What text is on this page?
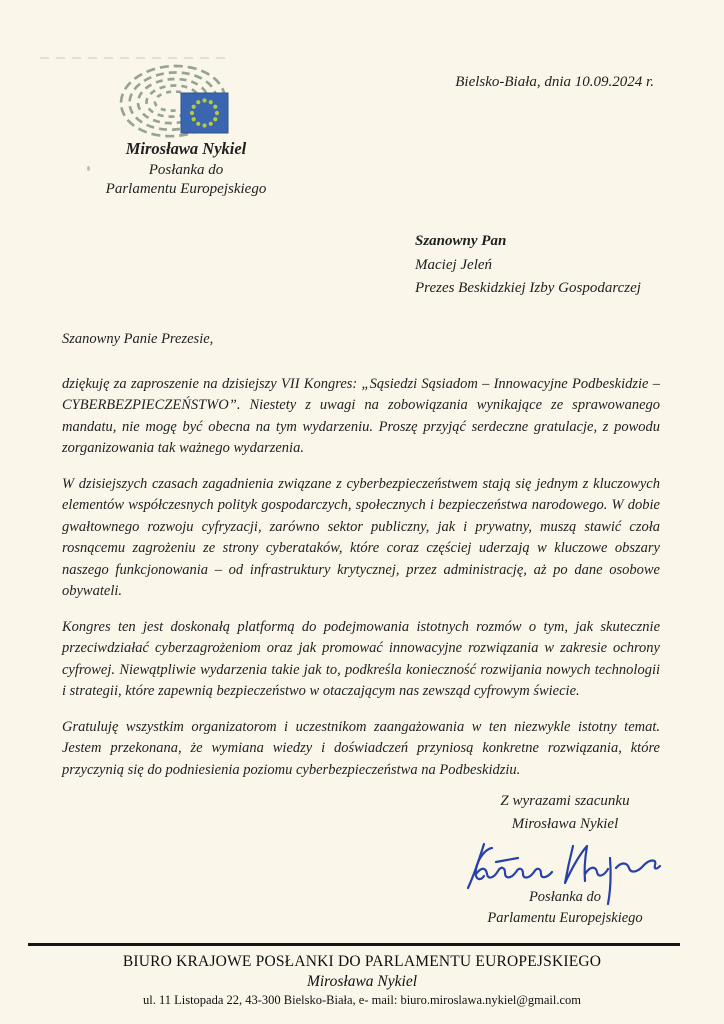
Mirosława Nykiel
Posłanka do
Parlamentu Europejskiego
Bielsko-Biała, dnia 10.09.2024 r.
Szanowny Pan
Maciej Jeleń
Prezes Beskidzkiej Izby Gospodarczej
Szanowny Panie Prezesie,

dziękuję za zaproszenie na dzisiejszy VII Kongres: „Sąsiedzi Sąsiadom – Innowacyjne Podbeskidzie – CYBERBEZPIECZEŃSTWO”. Niestety z uwagi na zobowiązania wynikające ze sprawowanego mandatu, nie mogę być obecna na tym wydarzeniu. Proszę przyjąć serdeczne gratulacje, z powodu zorganizowania tak ważnego wydarzenia.

W dzisiejszych czasach zagadnienia związane z cyberbezpieczeństwem stają się jednym z kluczowych elementów współczesnych polityk gospodarczych, społecznych i bezpieczeństwa narodowego. W dobie gwałtownego rozwoju cyfryzacji, zarówno sektor publiczny, jak i prywatny, muszą stawić czoła rosnącemu zagrożeniu ze strony cyberataków, które coraz częściej uderzają w kluczowe obszary naszego funkcjonowania – od infrastruktury krytycznej, przez administrację, aż po dane osobowe obywateli.

Kongres ten jest doskonałą platformą do podejmowania istotnych rozmów o tym, jak skutecznie przeciwdziałać cyberzagrożeniom oraz jak promować innowacyjne rozwiązania w zakresie ochrony cyfrowej. Niewątpliwie wydarzenia takie jak to, podkreśla konieczność rozwijania nowych technologii i strategii, które zapewnią bezpieczeństwo w otaczającym nas zewsząd cyfrowym świecie.

Gratuluję wszystkim organizatorom i uczestnikom zaangażowania w ten niezwykle istotny temat. Jestem przekonana, że wymiana wiedzy i doświadczeń przyniosą konkretne rozwiązania, które przyczynią się do podniesienia poziomu cyberbezpieczeństwa na Podbeskidziu.

Z wyrazami szacunku
Mirosława Nykiel
Posłanka do
Parlamentu Europejskiego
BIURO KRAJOWE POSŁANKI DO PARLAMENTU EUROPEJSKIEGO
Mirosława Nykiel
ul. 11 Listopada 22, 43-300 Bielsko-Biała, e- mail: biuro.miroslawa.nykiel@gmail.com
